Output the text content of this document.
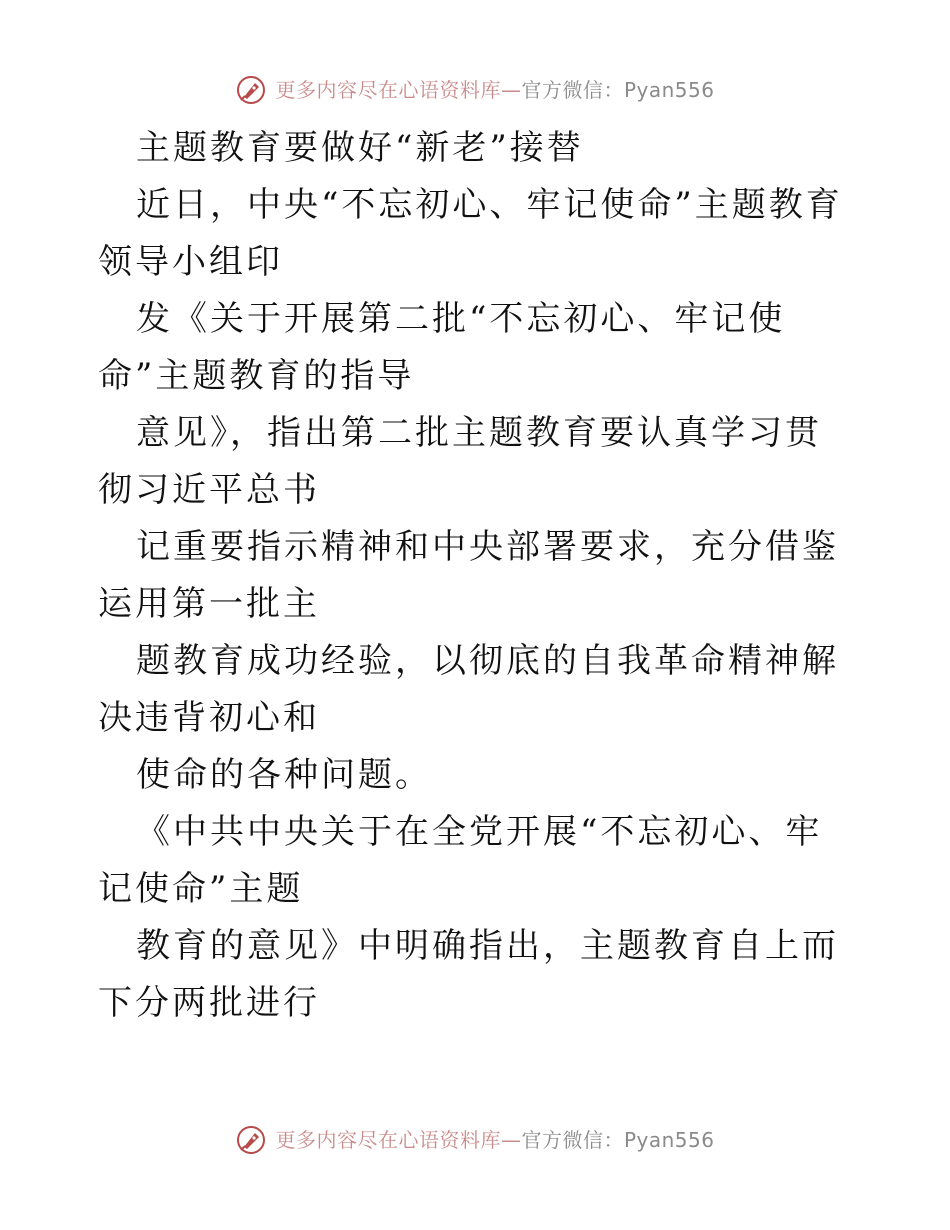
更多内容尽在心语资料库—官方微信：Pyan556

主题教育要做好“新老”接替

近日，中央“不忘初心、牢记使命”主题教育领导小组印

发《关于开展第二批“不忘初心、牢记使命”主题教育的指导

意见》，指出第二批主题教育要认真学习贯彻习近平总书

记重要指示精神和中央部署要求，充分借鉴运用第一批主

题教育成功经验，以彻底的自我革命精神解决违背初心和

使命的各种问题。

《中共中央关于在全党开展“不忘初心、牢记使命”主题

教育的意见》中明确指出，主题教育自上而下分两批进行

更多内容尽在心语资料库—官方微信：Pyan556
